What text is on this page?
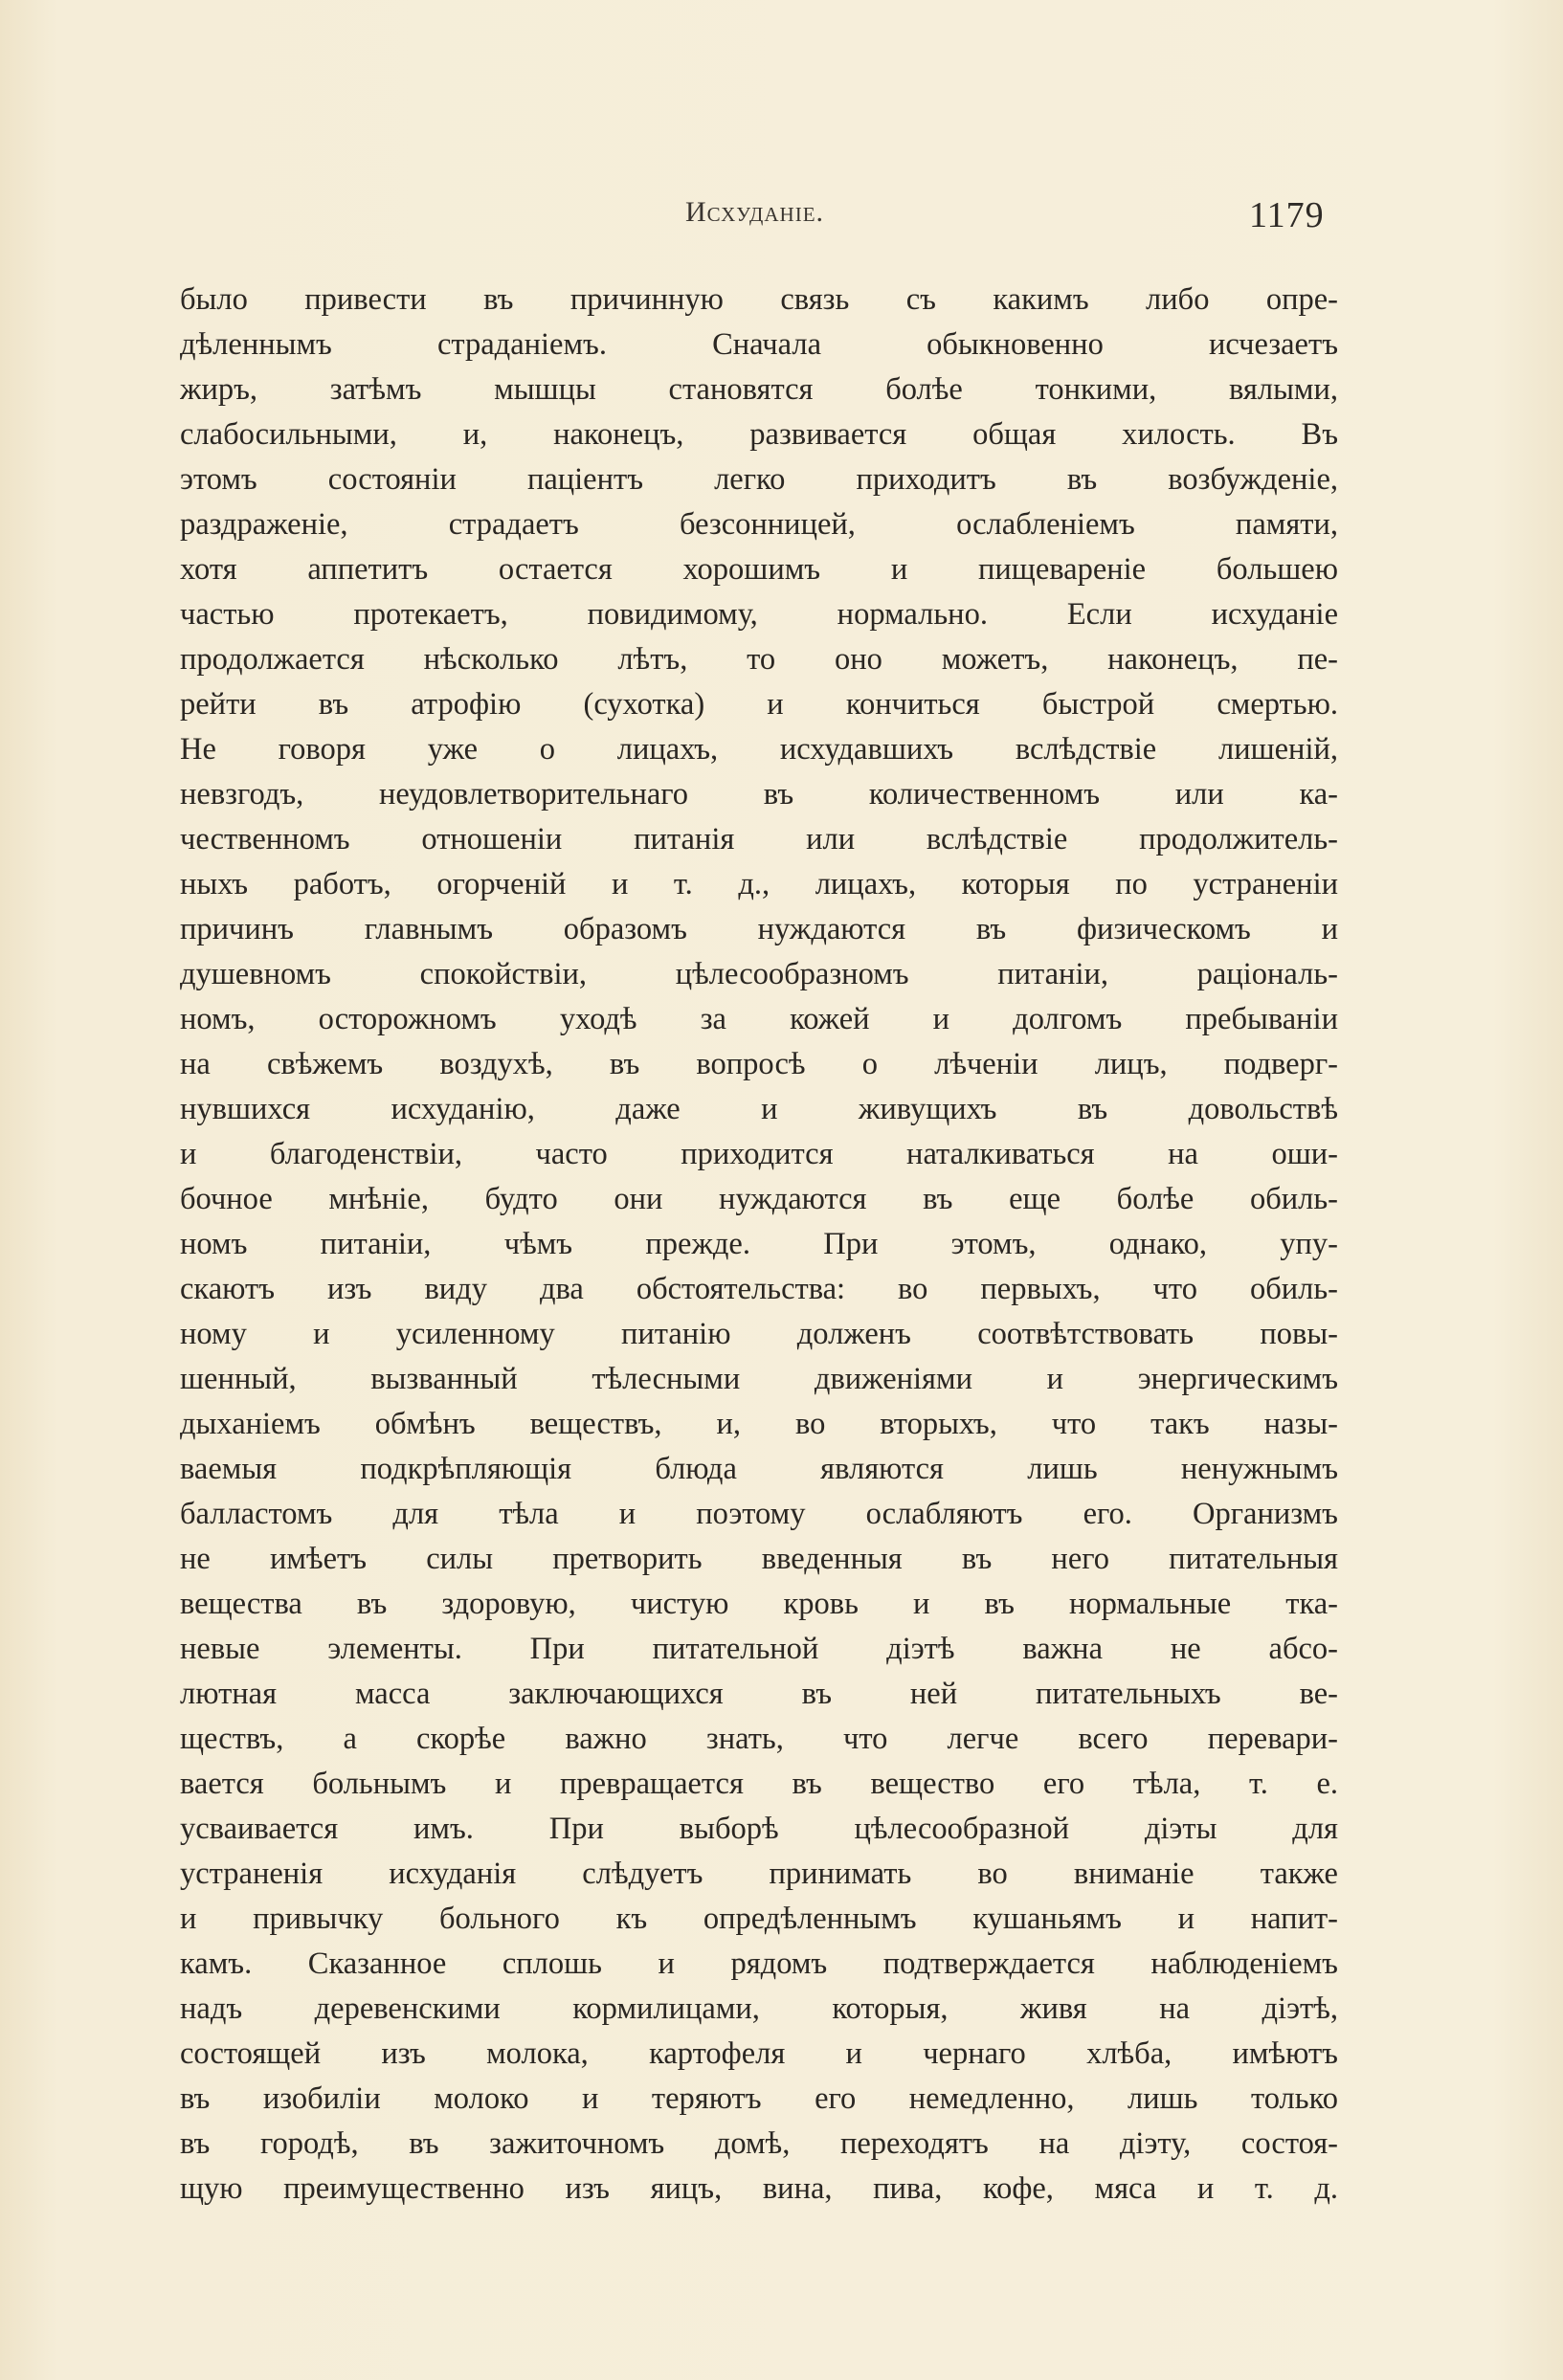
Исхуданіе.	1179
было привести въ причинную связь съ какимъ либо опре-
дѣленнымъ страданіемъ. Сначала обыкновенно исчезаетъ
жиръ, затѣмъ мышцы становятся болѣе тонкими, вялыми,
слабосильными, и, наконецъ, развивается общая хилость. Въ
этомъ состояніи паціентъ легко приходитъ въ возбужденіе,
раздраженіе, страдаетъ безсонницей, ослабленіемъ памяти,
хотя аппетитъ остается хорошимъ и пищевареніе большею
частью протекаетъ, повидимому, нормально. Если исхуданіе
продолжается нѣсколько лѣтъ, то оно можетъ, наконецъ, пе-
рейти въ атрофію (сухотка) и кончиться быстрой смертью.
Не говоря уже о лицахъ, исхудавшихъ вслѣдствіе лишеній,
невзгодъ, неудовлетворительнаго въ количественномъ или ка-
чественномъ отношеніи питанія или вслѣдствіе продолжитель-
ныхъ работъ, огорченій и т. д., лицахъ, которыя по устраненіи
причинъ главнымъ образомъ нуждаются въ физическомъ и
душевномъ спокойствіи, цѣлесообразномъ питаніи, раціональ-
номъ, осторожномъ уходѣ за кожей и долгомъ пребываніи
на свѣжемъ воздухѣ, въ вопросѣ о лѣченіи лицъ, подверг-
нувшихся исхуданію, даже и живущихъ въ довольствѣ
и благоденствіи, часто приходится наталкиваться на оши-
бочное мнѣніе, будто они нуждаются въ еще болѣе обиль-
номъ питаніи, чѣмъ прежде. При этомъ, однако, упу-
скаютъ изъ виду два обстоятельства: во первыхъ, что обиль-
ному и усиленному питанію долженъ соотвѣтствовать повы-
шенный, вызванный тѣлесными движеніями и энергическимъ
дыханіемъ обмѣнъ веществъ, и, во вторыхъ, что такъ назы-
ваемыя подкрѣпляющія блюда являются лишь ненужнымъ
балластомъ для тѣла и поэтому ослабляютъ его. Организмъ
не имѣетъ силы претворить введенныя въ него питательныя
вещества въ здоровую, чистую кровь и въ нормальные тка-
невые элементы. При питательной діэтѣ важна не абсо-
лютная масса заключающихся въ ней питательныхъ ве-
ществъ, а скорѣе важно знать, что легче всего перевари-
вается больнымъ и превращается въ вещество его тѣла, т. е.
усваивается имъ. При выборѣ цѣлесообразной діэты для
устраненія исхуданія слѣдуетъ принимать во вниманіе также
и привычку больного къ опредѣленнымъ кушаньямъ и напит-
камъ. Сказанное сплошь и рядомъ подтверждается наблюденіемъ
надъ деревенскими кормилицами, которыя, живя на діэтѣ,
состоящей изъ молока, картофеля и чернаго хлѣба, имѣютъ
въ изобиліи молоко и теряютъ его немедленно, лишь только
въ городѣ, въ зажиточномъ домѣ, переходятъ на діэту, состоя-
щую преимущественно изъ яицъ, вина, пива, кофе, мяса и т. д.
